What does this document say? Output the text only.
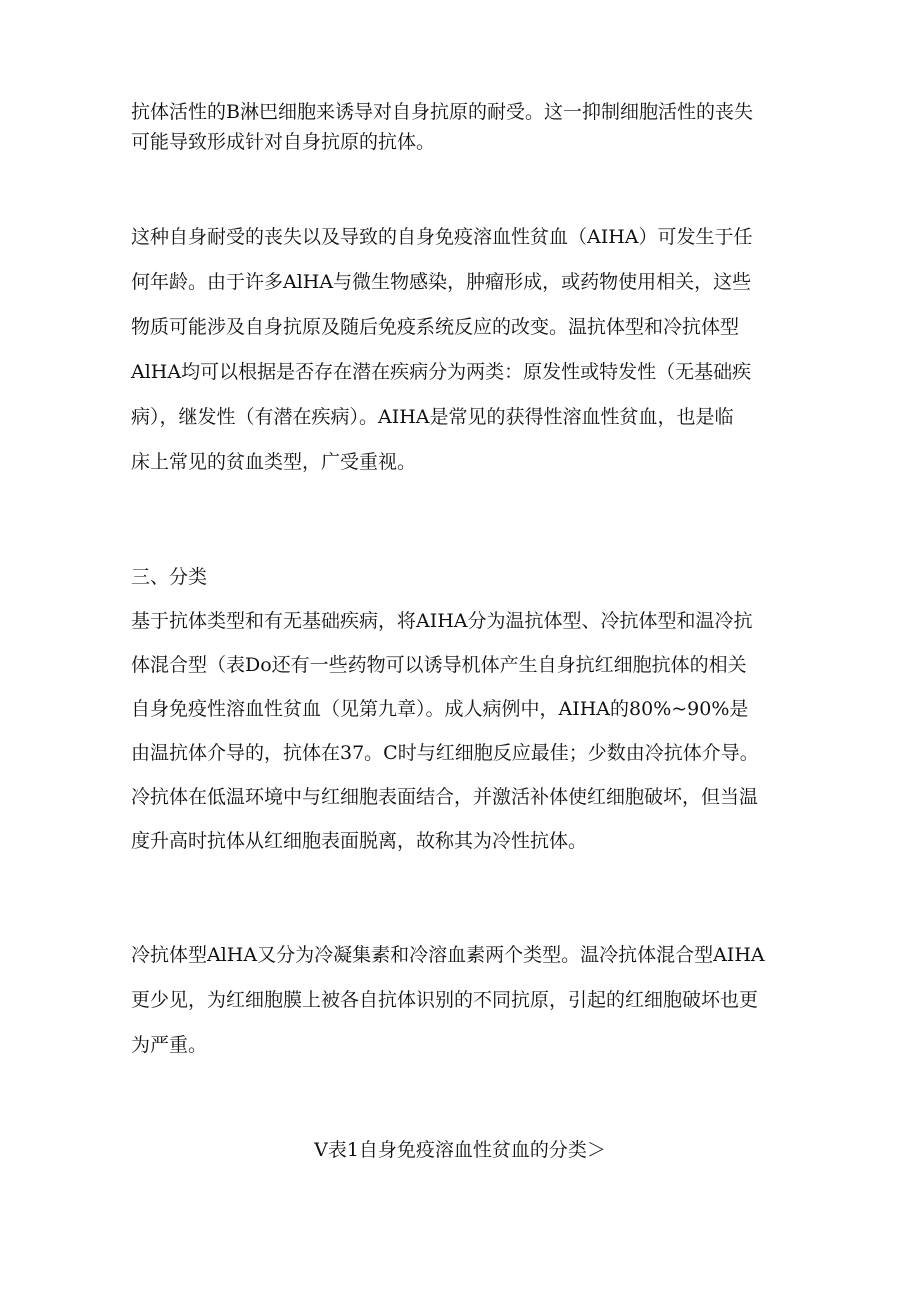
抗体活性的B淋巴细胞来诱导对自身抗原的耐受。这一抑制细胞活性的丧失
可能导致形成针对自身抗原的抗体。

这种自身耐受的丧失以及导致的自身免疫溶血性贫血（AIHA）可发生于任
何年龄。由于许多AlHA与微生物感染，肿瘤形成，或药物使用相关，这些
物质可能涉及自身抗原及随后免疫系统反应的改变。温抗体型和冷抗体型
AlHA均可以根据是否存在潜在疾病分为两类：原发性或特发性（无基础疾
病），继发性（有潜在疾病）。AIHA是常见的获得性溶血性贫血，也是临
床上常见的贫血类型，广受重视。

三、分类

基于抗体类型和有无基础疾病，将AIHA分为温抗体型、冷抗体型和温冷抗
体混合型（表Do还有一些药物可以诱导机体产生自身抗红细胞抗体的相关
自身免疫性溶血性贫血（见第九章）。成人病例中，AIHA的80%~90%是
由温抗体介导的，抗体在37。C时与红细胞反应最佳；少数由冷抗体介导。
冷抗体在低温环境中与红细胞表面结合，并激活补体使红细胞破坏，但当温
度升高时抗体从红细胞表面脱离，故称其为冷性抗体。

冷抗体型AlHA又分为冷凝集素和冷溶血素两个类型。温冷抗体混合型AIHA
更少见，为红细胞膜上被各自抗体识别的不同抗原，引起的红细胞破坏也更
为严重。

V表1自身免疫溶血性贫血的分类＞
